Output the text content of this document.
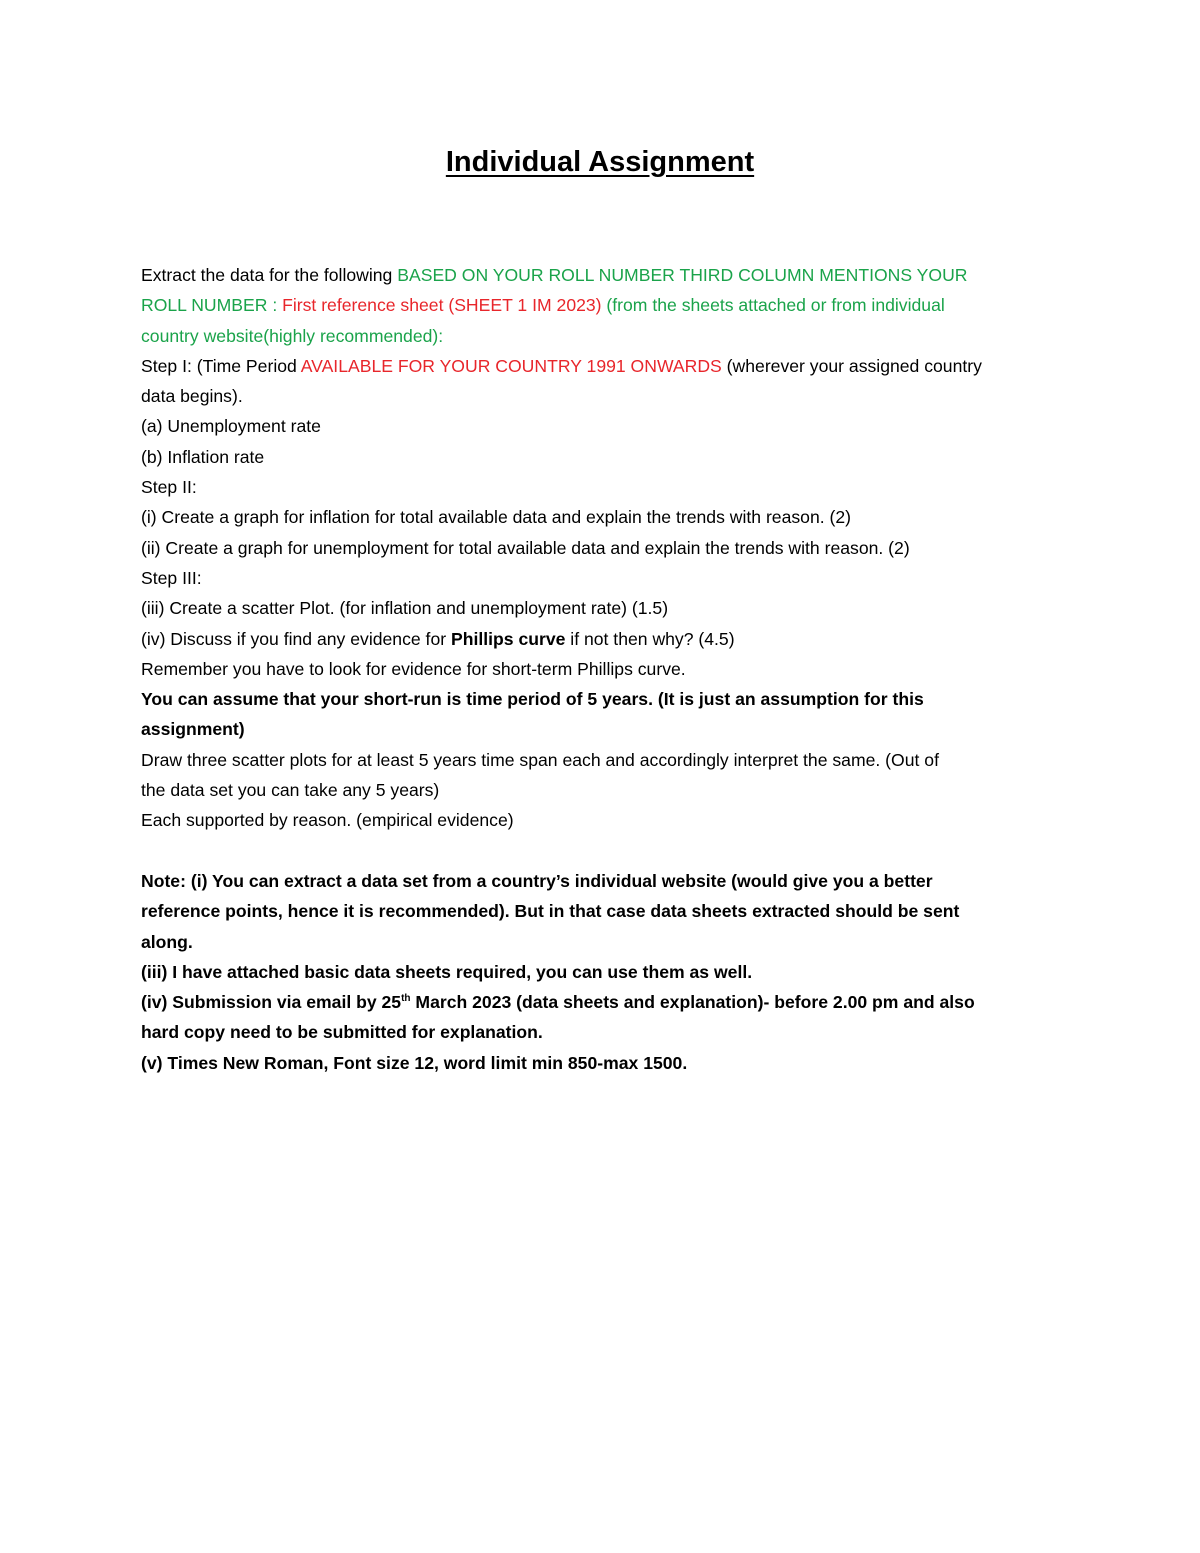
Individual Assignment
Extract the data for the following BASED ON YOUR ROLL NUMBER THIRD COLUMN MENTIONS YOUR
ROLL NUMBER : First reference sheet (SHEET 1 IM 2023) (from the sheets attached or from individual
country website(highly recommended):
Step I: (Time Period AVAILABLE FOR YOUR COUNTRY 1991 ONWARDS (wherever your assigned country
data begins).
(a) Unemployment rate
(b) Inflation rate
Step II:
(i) Create a graph for inflation for total available data and explain the trends with reason. (2)
(ii) Create a graph for unemployment for total available data and explain the trends with reason. (2)
Step III:
(iii) Create a scatter Plot. (for inflation and unemployment rate) (1.5)
(iv) Discuss if you find any evidence for Phillips curve if not then why? (4.5)
Remember you have to look for evidence for short-term Phillips curve.
You can assume that your short-run is time period of 5 years. (It is just an assumption for this
assignment)
Draw three scatter plots for at least 5 years time span each and accordingly interpret the same. (Out of
the data set you can take any 5 years)
Each supported by reason. (empirical evidence)
Note: (i) You can extract a data set from a country’s individual website (would give you a better
reference points, hence it is recommended). But in that case data sheets extracted should be sent
along.
(iii) I have attached basic data sheets required, you can use them as well.
(iv) Submission via email by 25th March 2023 (data sheets and explanation)- before 2.00 pm and also
hard copy need to be submitted for explanation.
(v) Times New Roman, Font size 12, word limit min 850-max 1500.
